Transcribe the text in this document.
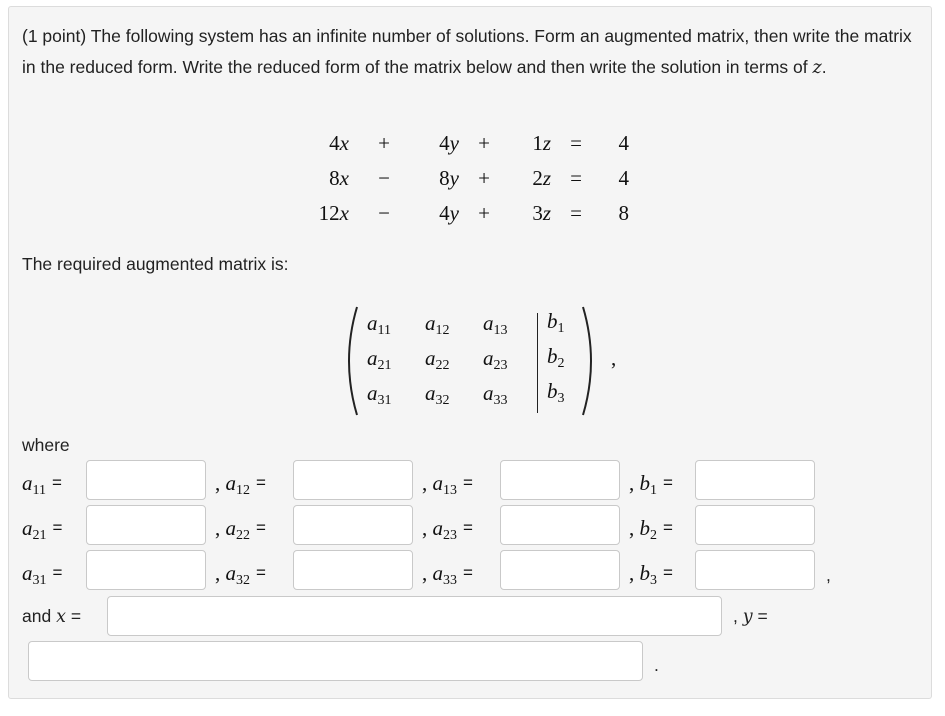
(1 point) The following system has an infinite number of solutions. Form an augmented matrix, then write the matrix in the reduced form. Write the reduced form of the matrix below and then write the solution in terms of z.
4x	+	4y +	1z =	4
8x	−	8y +	2z =	4
12x	−	4y +	3z =	8
The required augmented matrix is:
$a_{11}$ $a_{12}$ $a_{13}$ $b_1$
$a_{21}$ $a_{22}$ $a_{23}$ $b_2$
$a_{31}$ $a_{32}$ $a_{33}$ $b_3$
,
where
$a_{11}$ =	, $a_{12}$ =	, $a_{13}$ =	, $b_1$ =
$a_{21}$ =	, $a_{22}$ =	, $a_{23}$ =	, $b_2$ =
$a_{31}$ =	, $a_{32}$ =	, $a_{33}$ =	, $b_3$ =	,
and x =	, y =
.
